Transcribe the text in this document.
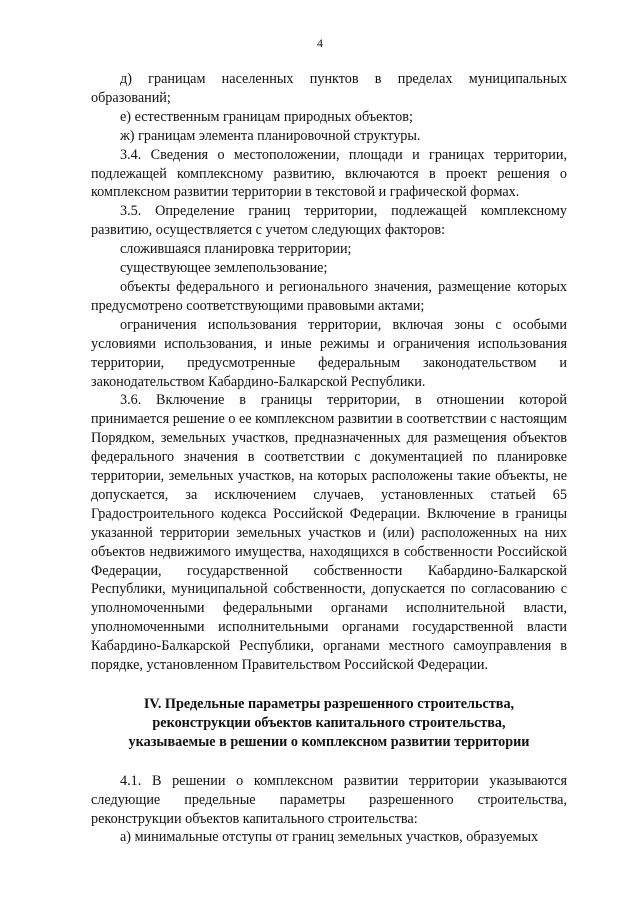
4

д) границам населенных пунктов в пределах муниципальных образований;

е) естественным границам природных объектов;

ж) границам элемента планировочной структуры.

3.4. Сведения о местоположении, площади и границах территории, подлежащей комплексному развитию, включаются в проект решения о комплексном развитии территории в текстовой и графической формах.

3.5. Определение границ территории, подлежащей комплексному развитию, осуществляется с учетом следующих факторов:

сложившаяся планировка территории;

существующее землепользование;

объекты федерального и регионального значения, размещение которых предусмотрено соответствующими правовыми актами;

ограничения использования территории, включая зоны с особыми условиями использования, и иные режимы и ограничения использования территории, предусмотренные федеральным законодательством и законодательством Кабардино-Балкарской Республики.

3.6. Включение в границы территории, в отношении которой принимается решение о ее комплексном развитии в соответствии с настоящим Порядком, земельных участков, предназначенных для размещения объектов федерального значения в соответствии с документацией по планировке территории, земельных участков, на которых расположены такие объекты, не допускается, за исключением случаев, установленных статьей 65 Градостроительного кодекса Российской Федерации. Включение в границы указанной территории земельных участков и (или) расположенных на них объектов недвижимого имущества, находящихся в собственности Российской Федерации, государственной собственности Кабардино-Балкарской Республики, муниципальной собственности, допускается по согласованию с уполномоченными федеральными органами исполнительной власти, уполномоченными исполнительными органами государственной власти Кабардино-Балкарской Республики, органами местного самоуправления в порядке, установленном Правительством Российской Федерации.

IV. Предельные параметры разрешенного строительства,
реконструкции объектов капитального строительства,
указываемые в решении о комплексном развитии территории

4.1. В решении о комплексном развитии территории указываются следующие предельные параметры разрешенного строительства, реконструкции объектов капитального строительства:

а) минимальные отступы от границ земельных участков, образуемых
